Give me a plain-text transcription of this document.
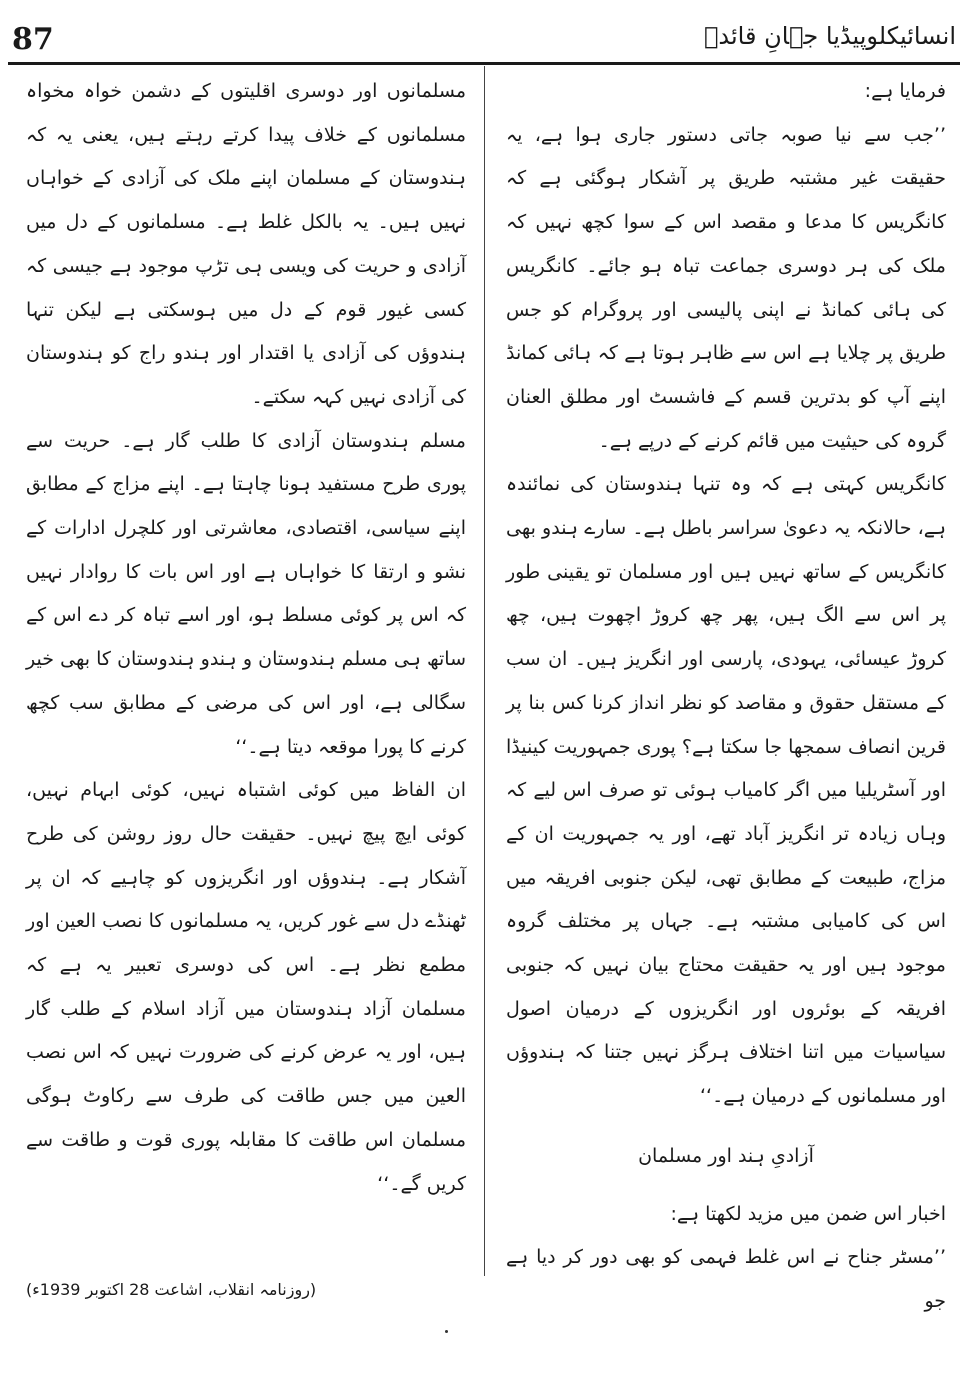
87	انسائیکلوپیڈیا جہانِ قائدؒ

فرمایا ہے:

’’جب سے نیا صوبہ جاتی دستور جاری ہوا ہے، یہ حقیقت غیر مشتبہ طریق پر آشکار ہوگئی ہے کہ کانگریس کا مدعا و مقصد اس کے سوا کچھ نہیں کہ ملک کی ہر دوسری جماعت تباہ ہو جائے۔ کانگریس کی ہائی کمانڈ نے اپنی پالیسی اور پروگرام کو جس طریق پر چلایا ہے اس سے ظاہر ہوتا ہے کہ ہائی کمانڈ اپنے آپ کو بدترین قسم کے فاشسٹ اور مطلق العنان گروہ کی حیثیت میں قائم کرنے کے درپے ہے۔

کانگریس کہتی ہے کہ وہ تنہا ہندوستان کی نمائندہ ہے، حالانکہ یہ دعویٰ سراسر باطل ہے۔ سارے ہندو بھی کانگریس کے ساتھ نہیں ہیں اور مسلمان تو یقینی طور پر اس سے الگ ہیں، پھر چھ کروڑ اچھوت ہیں، چھ کروڑ عیسائی، یہودی، پارسی اور انگریز ہیں۔ ان سب کے مستقل حقوق و مقاصد کو نظر انداز کرنا کس بنا پر قرین انصاف سمجھا جا سکتا ہے؟ پوری جمہوریت کینیڈا اور آسٹریلیا میں اگر کامیاب ہوئی تو صرف اس لیے کہ وہاں زیادہ تر انگریز آباد تھے، اور یہ جمہوریت ان کے مزاج، طبیعت کے مطابق تھی، لیکن جنوبی افریقہ میں اس کی کامیابی مشتبہ ہے۔ جہاں پر مختلف گروہ موجود ہیں اور یہ حقیقت محتاج بیان نہیں کہ جنوبی افریقہ کے بوئروں اور انگریزوں کے درمیان اصول سیاسیات میں اتنا اختلاف ہرگز نہیں جتنا کہ ہندوؤں اور مسلمانوں کے درمیان ہے۔‘‘

آزادیِ ہند اور مسلمان

اخبار اس ضمن میں مزید لکھتا ہے:

’’مسٹر جناح نے اس غلط فہمی کو بھی دور کر دیا ہے جو

مسلمانوں اور دوسری اقلیتوں کے دشمن خواہ مخواہ مسلمانوں کے خلاف پیدا کرتے رہتے ہیں، یعنی یہ کہ ہندوستان کے مسلمان اپنے ملک کی آزادی کے خواہاں نہیں ہیں۔ یہ بالکل غلط ہے۔ مسلمانوں کے دل میں آزادی و حریت کی ویسی ہی تڑپ موجود ہے جیسی کہ کسی غیور قوم کے دل میں ہوسکتی ہے لیکن تنہا ہندوؤں کی آزادی یا اقتدار اور ہندو راج کو ہندوستان کی آزادی نہیں کہہ سکتے۔

مسلم ہندوستان آزادی کا طلب گار ہے۔ حریت سے پوری طرح مستفید ہونا چاہتا ہے۔ اپنے مزاج کے مطابق اپنے سیاسی، اقتصادی، معاشرتی اور کلچرل ادارات کے نشو و ارتقا کا خواہاں ہے اور اس بات کا روادار نہیں کہ اس پر کوئی مسلط ہو، اور اسے تباہ کر دے اس کے ساتھ ہی مسلم ہندوستان و ہندو ہندوستان کا بھی خیر سگالی ہے، اور اس کی مرضی کے مطابق سب کچھ کرنے کا پورا موقعہ دیتا ہے۔‘‘

ان الفاظ میں کوئی اشتباہ نہیں، کوئی ابہام نہیں، کوئی ایچ پیچ نہیں۔ حقیقت حال روز روشن کی طرح آشکار ہے۔ ہندوؤں اور انگریزوں کو چاہیے کہ ان پر ٹھنڈے دل سے غور کریں، یہ مسلمانوں کا نصب العین اور مطمع نظر ہے۔ اس کی دوسری تعبیر یہ ہے کہ مسلمان آزاد ہندوستان میں آزاد اسلام کے طلب گار ہیں، اور یہ عرض کرنے کی ضرورت نہیں کہ اس نصب العین میں جس طاقت کی طرف سے رکاوٹ ہوگی مسلمان اس طاقت کا مقابلہ پوری قوت و طاقت سے کریں گے۔‘‘

(روزنامہ انقلاب، اشاعت 28 اکتوبر 1939ء)
